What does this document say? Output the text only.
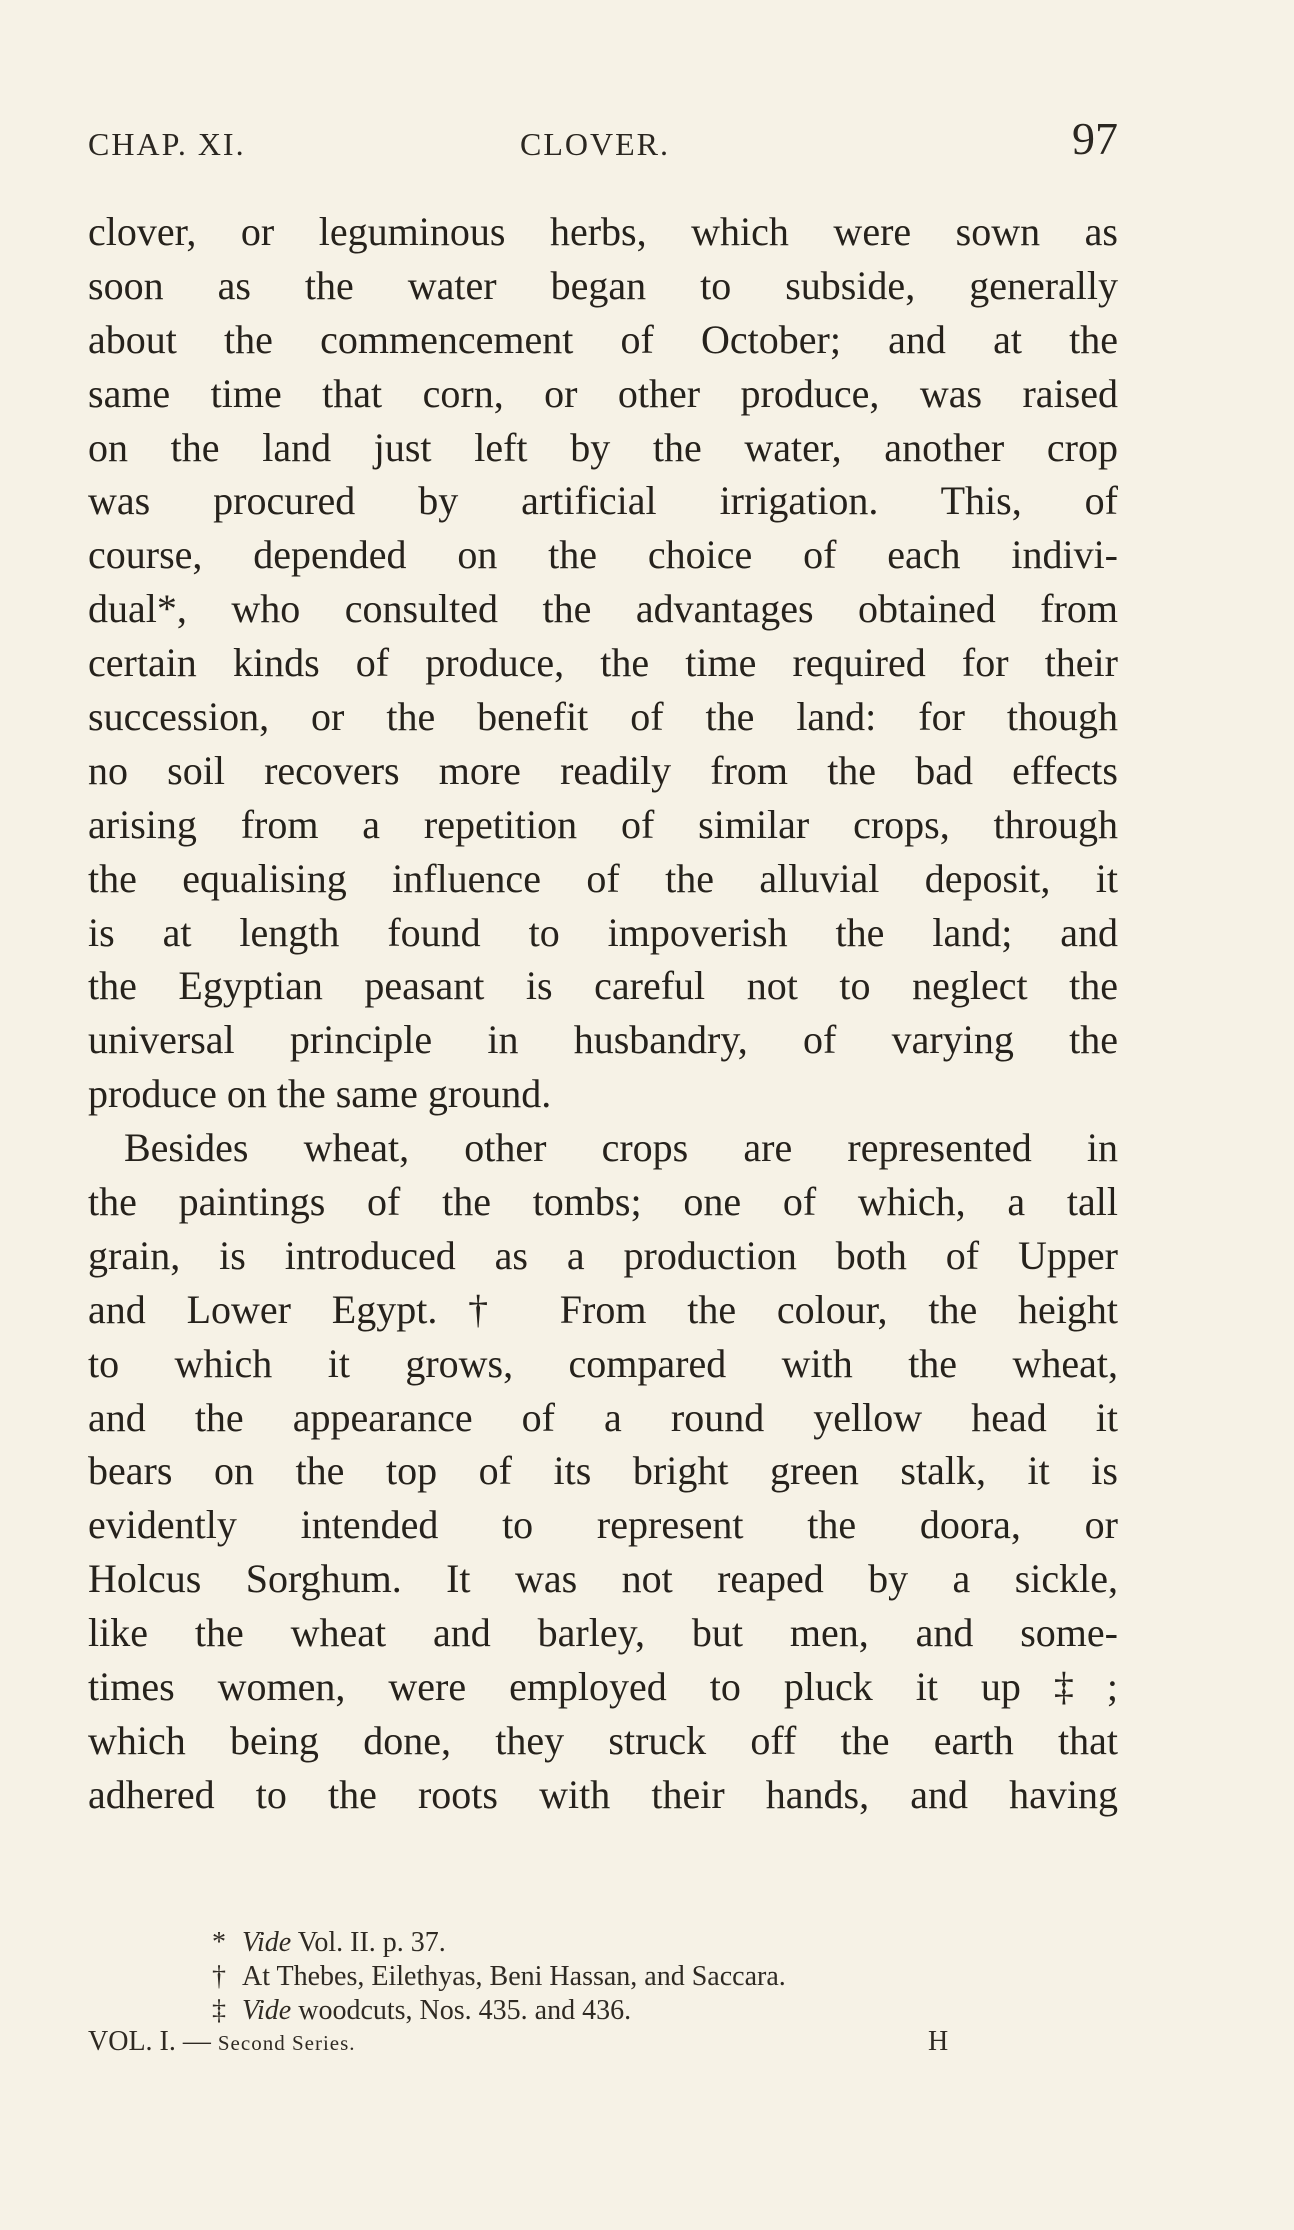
CHAP. XI.	CLOVER.	97
clover, or leguminous herbs, which were sown as
soon as the water began to subside, generally
about the commencement of October; and at the
same time that corn, or other produce, was raised
on the land just left by the water, another crop
was procured by artificial irrigation. This, of
course, depended on the choice of each indivi-
dual*, who consulted the advantages obtained from
certain kinds of produce, the time required for their
succession, or the benefit of the land: for though
no soil recovers more readily from the bad effects
arising from a repetition of similar crops, through
the equalising influence of the alluvial deposit, it
is at length found to impoverish the land; and
the Egyptian peasant is careful not to neglect the
universal principle in husbandry, of varying the
produce on the same ground.
Besides wheat, other crops are represented in
the paintings of the tombs; one of which, a tall
grain, is introduced as a production both of Upper
and Lower Egypt.† From the colour, the height
to which it grows, compared with the wheat,
and the appearance of a round yellow head it
bears on the top of its bright green stalk, it is
evidently intended to represent the doora, or
Holcus Sorghum. It was not reaped by a sickle,
like the wheat and barley, but men, and some-
times women, were employed to pluck it up‡;
which being done, they struck off the earth that
adhered to the roots with their hands, and having
* Vide Vol. II. p. 37.
† At Thebes, Eilethyas, Beni Hassan, and Saccara.
‡ Vide woodcuts, Nos. 435. and 436.
VOL. I. — Second Series.	H
